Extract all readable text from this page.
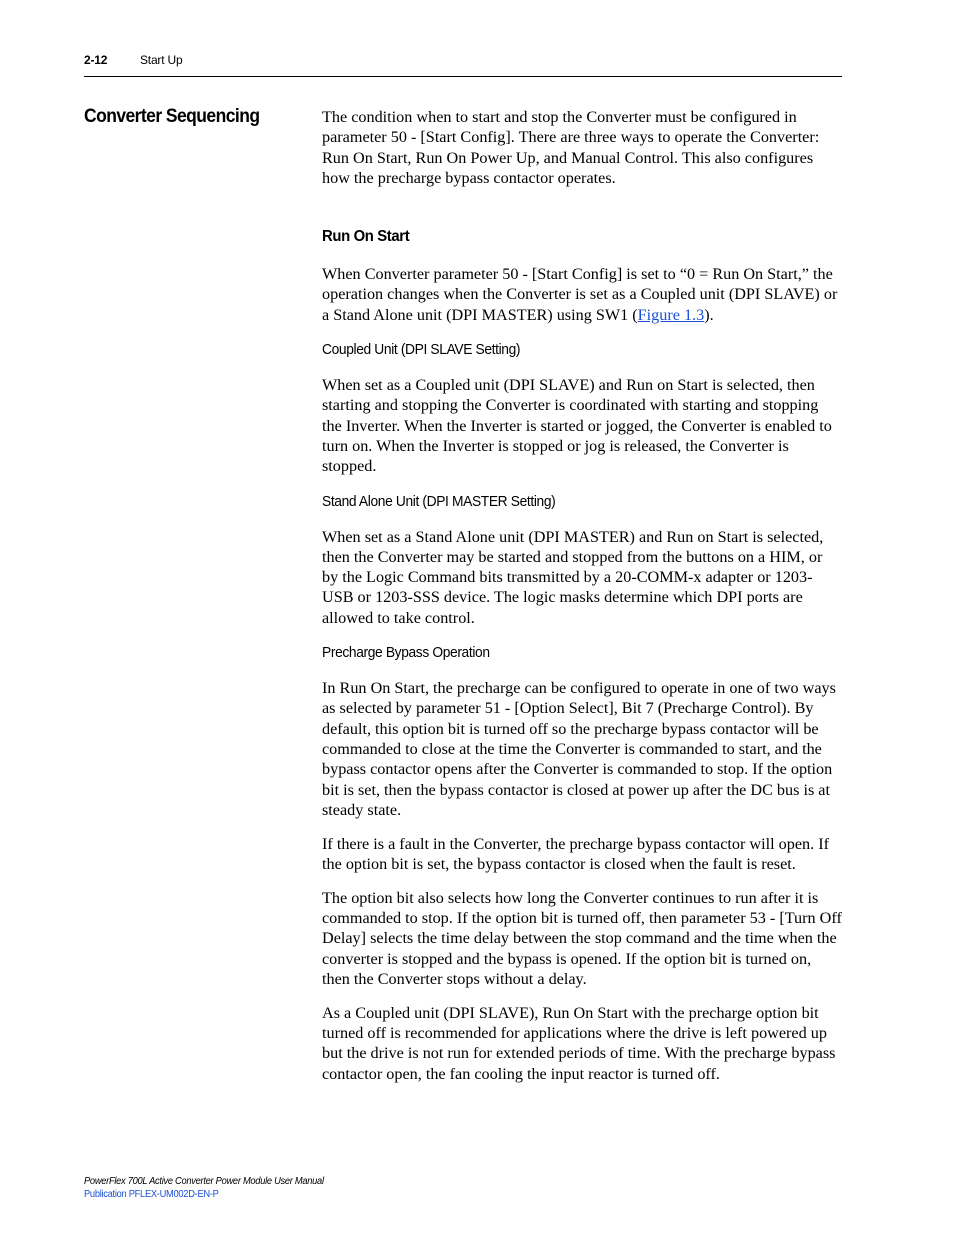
2-12	Start Up
Converter Sequencing	The condition when to start and stop the Converter must be configured in parameter 50 - [Start Config]. There are three ways to operate the Converter: Run On Start, Run On Power Up, and Manual Control. This also configures how the precharge bypass contactor operates.

Run On Start

When Converter parameter 50 - [Start Config] is set to “0 = Run On Start,” the operation changes when the Converter is set as a Coupled unit (DPI SLAVE) or a Stand Alone unit (DPI MASTER) using SW1 (Figure 1.3).

Coupled Unit (DPI SLAVE Setting)

When set as a Coupled unit (DPI SLAVE) and Run on Start is selected, then starting and stopping the Converter is coordinated with starting and stopping the Inverter. When the Inverter is started or jogged, the Converter is enabled to turn on. When the Inverter is stopped or jog is released, the Converter is stopped.

Stand Alone Unit (DPI MASTER Setting)

When set as a Stand Alone unit (DPI MASTER) and Run on Start is selected, then the Converter may be started and stopped from the buttons on a HIM, or by the Logic Command bits transmitted by a 20-COMM-x adapter or 1203-USB or 1203-SSS device. The logic masks determine which DPI ports are allowed to take control.

Precharge Bypass Operation

In Run On Start, the precharge can be configured to operate in one of two ways as selected by parameter 51 - [Option Select], Bit 7 (Precharge Control). By default, this option bit is turned off so the precharge bypass contactor will be commanded to close at the time the Converter is commanded to start, and the bypass contactor opens after the Converter is commanded to stop. If the option bit is set, then the bypass contactor is closed at power up after the DC bus is at steady state.

If there is a fault in the Converter, the precharge bypass contactor will open. If the option bit is set, the bypass contactor is closed when the fault is reset.

The option bit also selects how long the Converter continues to run after it is commanded to stop. If the option bit is turned off, then parameter 53 - [Turn Off Delay] selects the time delay between the stop command and the time when the converter is stopped and the bypass is opened. If the option bit is turned on, then the Converter stops without a delay.

As a Coupled unit (DPI SLAVE), Run On Start with the precharge option bit turned off is recommended for applications where the drive is left powered up but the drive is not run for extended periods of time. With the precharge bypass contactor open, the fan cooling the input reactor is turned off.

PowerFlex 700L Active Converter Power Module User Manual
Publication PFLEX-UM002D-EN-P
